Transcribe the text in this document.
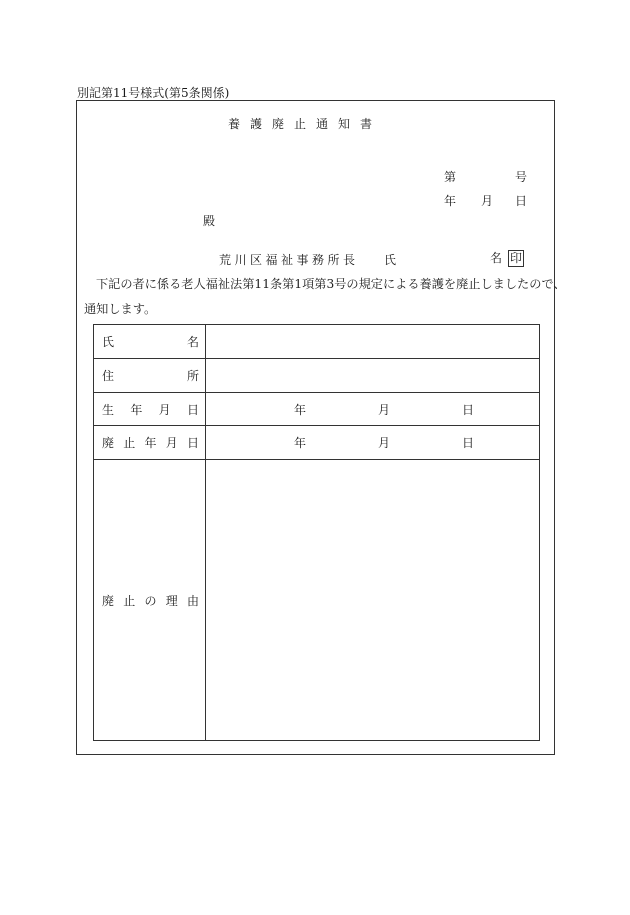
別記第11号様式(第5条関係)
養護廃止通知書
第	号
年 月 日
殿
荒川区福祉事務所長 氏	名 印
下記の者に係る老人福祉法第11条第1項第3号の規定による養護を廃止しましたので、
通知します。
氏 名	

住 所	

生 年 月 日	年 月 日

廃 止 年 月 日	年 月 日

廃 止 の 理 由	
